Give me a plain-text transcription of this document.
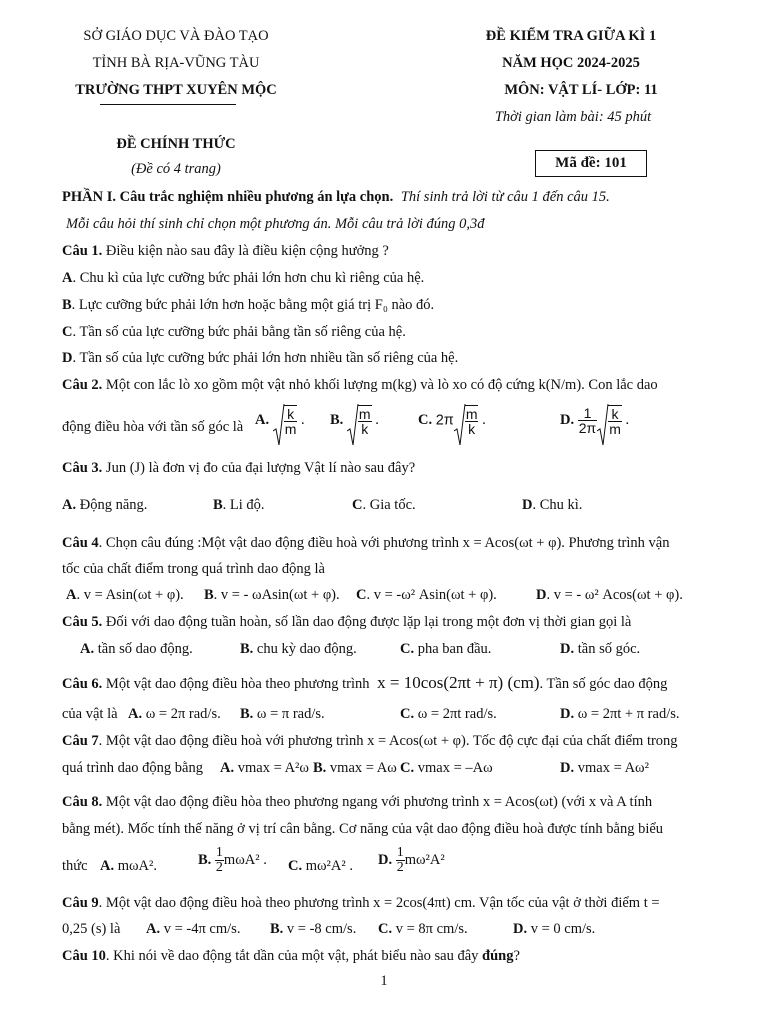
SỞ GIÁO DỤC VÀ ĐÀO TẠO
TỈNH BÀ RỊA-VŨNG TÀU
TRƯỜNG THPT XUYÊN MỘC
ĐỀ KIỂM TRA GIỮA KÌ 1
NĂM HỌC 2024-2025
MÔN: VẬT LÍ- LỚP: 11
Thời gian làm bài: 45 phút
ĐỀ CHÍNH THỨC
(Đề có 4 trang)	Mã đề: 101
PHẦN I. Câu trắc nghiệm nhiều phương án lựa chọn. Thí sinh trả lời từ câu 1 đến câu 15.
Mỗi câu hỏi thí sinh chỉ chọn một phương án. Mỗi câu trả lời đúng 0,3đ
Câu 1. Điều kiện nào sau đây là điều kiện cộng hưởng ?
A. Chu kì của lực cưỡng bức phải lớn hơn chu kì riêng của hệ.
B. Lực cưỡng bức phải lớn hơn hoặc bằng một giá trị F₀ nào đó.
C. Tần số của lực cưỡng bức phải bằng tần số riêng của hệ.
D. Tần số của lực cưỡng bức phải lớn hơn nhiều tần số riêng của hệ.
Câu 2. Một con lắc lò xo gồm một vật nhỏ khối lượng m(kg) và lò xo có độ cứng k(N/m). Con lắc dao
động điều hòa với tần số góc là A. $\frac{k}{m}$ . B. $\frac{m}{k}$ .	C. $2\pi \frac{m}{k}$ .	D. $\frac{1}{2\pi} \frac{k}{m}$ .
Câu 3. Jun (J) là đơn vị đo của đại lượng Vật lí nào sau đây?
A. Động năng.	B. Li độ.	C. Gia tốc.	D. Chu kì.
Câu 4. Chọn câu đúng :Một vật dao động điều hoà với phương trình x = Acos(ωt + φ). Phương trình vận
tốc của chất điểm trong quá trình dao động là
A. v = Asin(ωt + φ). B. v = - ωAsin(ωt + φ). C. v = -ω² Asin(ωt + φ).	D. v = - ω² Acos(ωt + φ).
Câu 5. Đối với dao động tuần hoàn, số lần dao động được lặp lại trong một đơn vị thời gian gọi là
A. tần số dao động.	B. chu kỳ dao động.	C. pha ban đầu.	D. tần số góc.
Câu 6. Một vật dao động điều hòa theo phương trình x = 10cos(2πt + π) (cm). Tần số góc dao động
của vật là A. ω = 2π rad/s. B. ω = π rad/s.	C. ω = 2πt rad/s.	D. ω = 2πt + π rad/s.
Câu 7. Một vật dao động điều hoà với phương trình x = Acos(ωt + φ). Tốc độ cực đại của chất điểm trong
quá trình dao động bằng A. vmax = A²ω B. vmax = Aω C. vmax = –Aω	D. vmax = Aω²
Câu 8. Một vật dao động điều hòa theo phương ngang với phương trình x = Acos(ωt) (với x và A tính
bằng mét). Mốc tính thế năng ở vị trí cân bằng. Cơ năng của vật dao động điều hoà được tính bằng biểu
thức A. mωA².	B. $\frac{1}{2} m\omega A^2$ . C. mω²A² . D. $\frac{1}{2} m\omega^2A^2$
Câu 9. Một vật dao động điều hoà theo phương trình x = 2cos(4πt) cm. Vận tốc của vật ở thời điểm t =
0,25 (s) là A. v = -4π cm/s. B. v = -8 cm/s. C. v = 8π cm/s.	D. v = 0 cm/s.
Câu 10. Khi nói về dao động tắt dần của một vật, phát biểu nào sau đây đúng?
1
